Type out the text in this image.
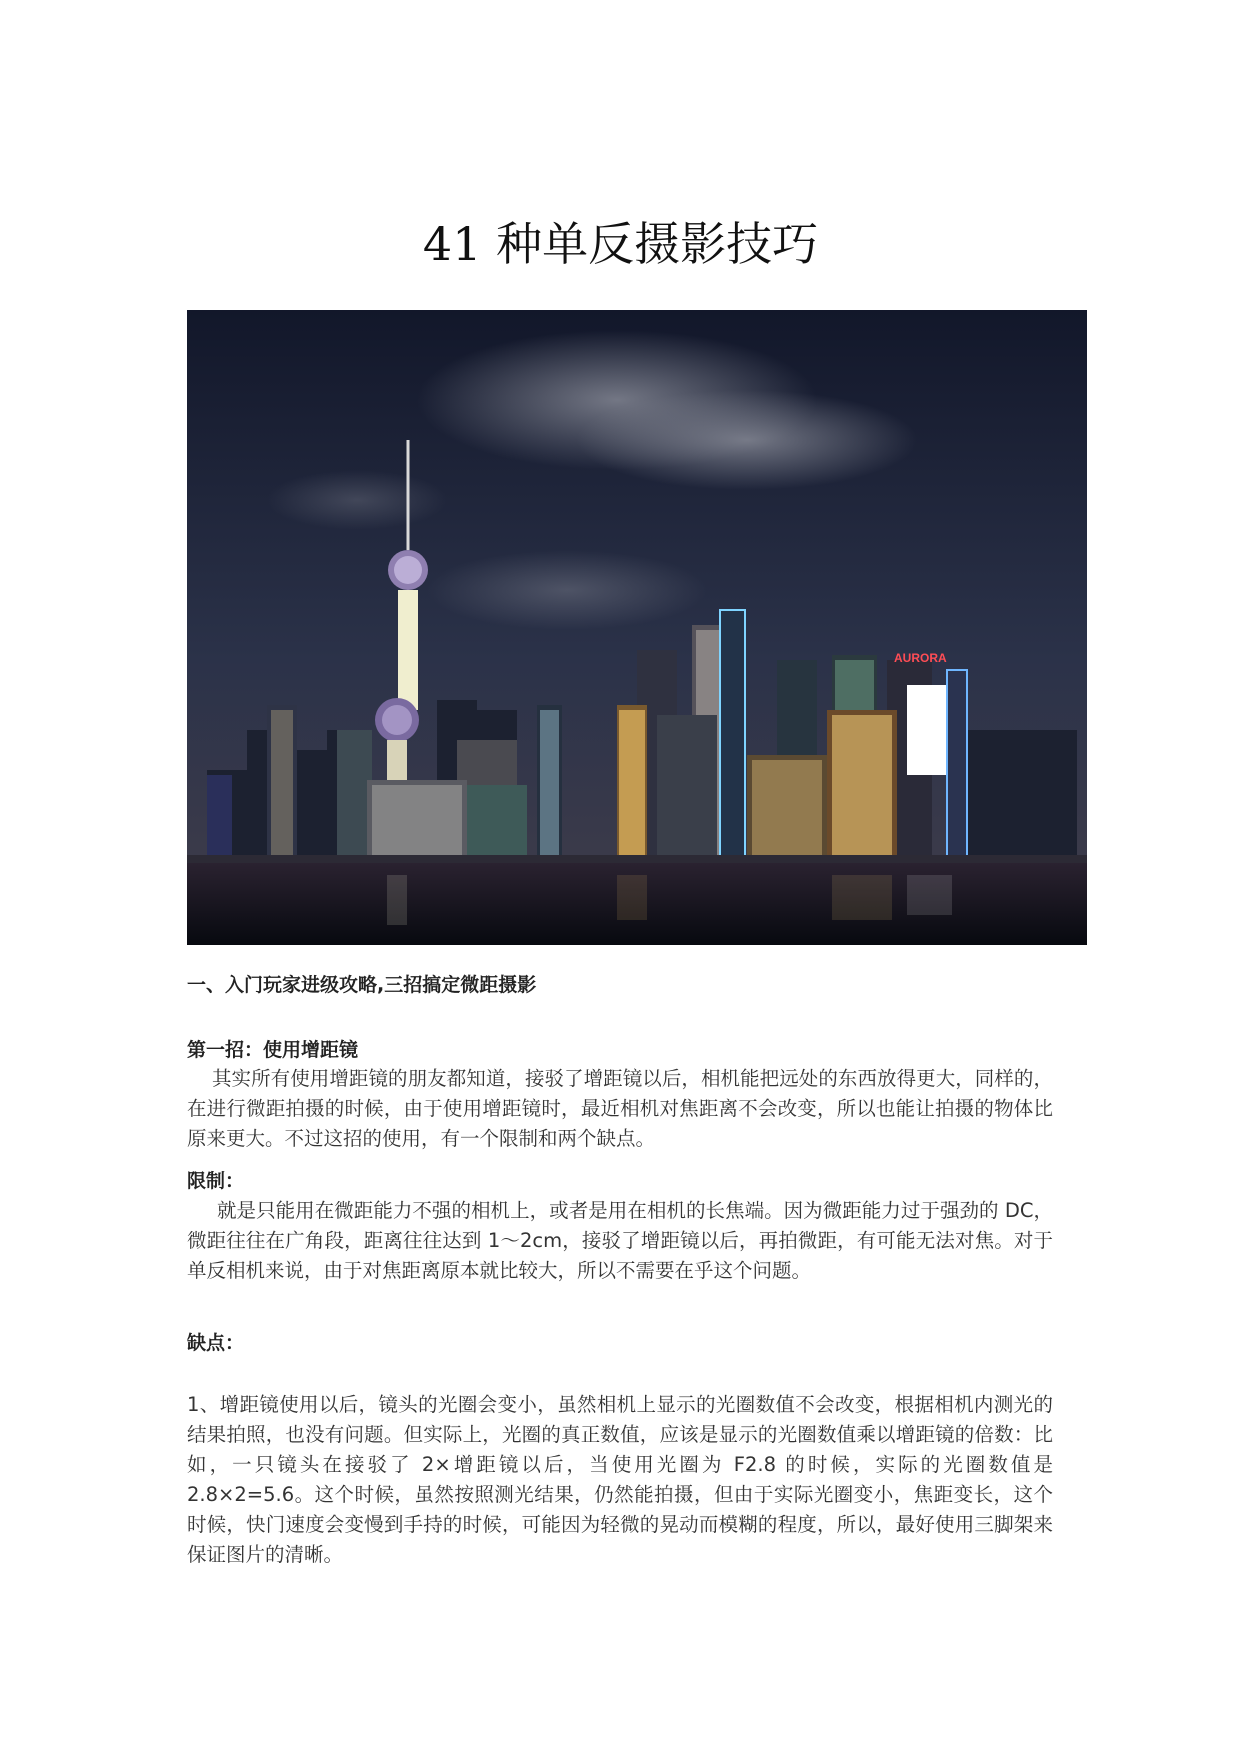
41 种单反摄影技巧
AURORA

一、入门玩家进级攻略,三招搞定微距摄影

第一招：使用增距镜

其实所有使用增距镜的朋友都知道，接驳了增距镜以后，相机能把远处的东西放得更大，同样的，在进行微距拍摄的时候，由于使用增距镜时，最近相机对焦距离不会改变，所以也能让拍摄的物体比原来更大。不过这招的使用，有一个限制和两个缺点。

限制：

就是只能用在微距能力不强的相机上，或者是用在相机的长焦端。因为微距能力过于强劲的 DC，微距往往在广角段，距离往往达到 1～2cm，接驳了增距镜以后，再拍微距，有可能无法对焦。对于单反相机来说，由于对焦距离原本就比较大，所以不需要在乎这个问题。

缺点：

1、增距镜使用以后，镜头的光圈会变小，虽然相机上显示的光圈数值不会改变，根据相机内测光的结果拍照，也没有问题。但实际上，光圈的真正数值，应该是显示的光圈数值乘以增距镜的倍数：比如，一只镜头在接驳了 2×增距镜以后，当使用光圈为 F2.8 的时候，实际的光圈数值是 2.8×2=5.6。这个时候，虽然按照测光结果，仍然能拍摄，但由于实际光圈变小，焦距变长，这个时候，快门速度会变慢到手持的时候，可能因为轻微的晃动而模糊的程度，所以，最好使用三脚架来保证图片的清晰。
